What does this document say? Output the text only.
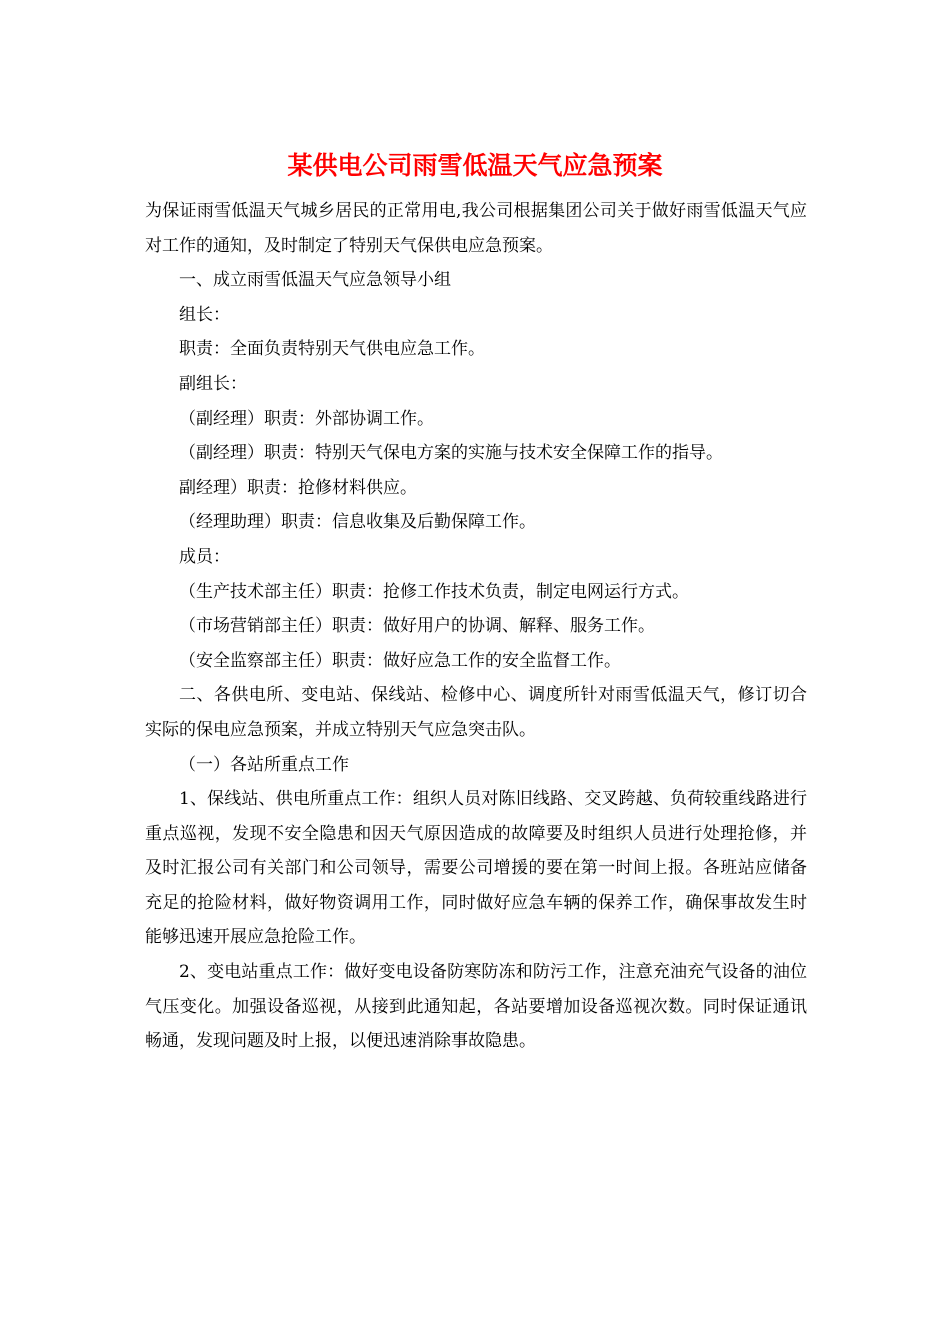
某供电公司雨雪低温天气应急预案

为保证雨雪低温天气城乡居民的正常用电,我公司根据集团公司关于做好雨雪低温天气应对工作的通知，及时制定了特别天气保供电应急预案。

一、成立雨雪低温天气应急领导小组

组长：

职责：全面负责特别天气供电应急工作。

副组长：

（副经理）职责：外部协调工作。

（副经理）职责：特别天气保电方案的实施与技术安全保障工作的指导。

副经理）职责：抢修材料供应。

（经理助理）职责：信息收集及后勤保障工作。

成员：

（生产技术部主任）职责：抢修工作技术负责，制定电网运行方式。

（市场营销部主任）职责：做好用户的协调、解释、服务工作。

（安全监察部主任）职责：做好应急工作的安全监督工作。

二、各供电所、变电站、保线站、检修中心、调度所针对雨雪低温天气，修订切合实际的保电应急预案，并成立特别天气应急突击队。

（一）各站所重点工作

1、保线站、供电所重点工作：组织人员对陈旧线路、交叉跨越、负荷较重线路进行重点巡视，发现不安全隐患和因天气原因造成的故障要及时组织人员进行处理抢修，并及时汇报公司有关部门和公司领导，需要公司增援的要在第一时间上报。各班站应储备充足的抢险材料，做好物资调用工作，同时做好应急车辆的保养工作，确保事故发生时能够迅速开展应急抢险工作。

2、变电站重点工作：做好变电设备防寒防冻和防污工作，注意充油充气设备的油位气压变化。加强设备巡视，从接到此通知起，各站要增加设备巡视次数。同时保证通讯畅通，发现问题及时上报，以便迅速消除事故隐患。
